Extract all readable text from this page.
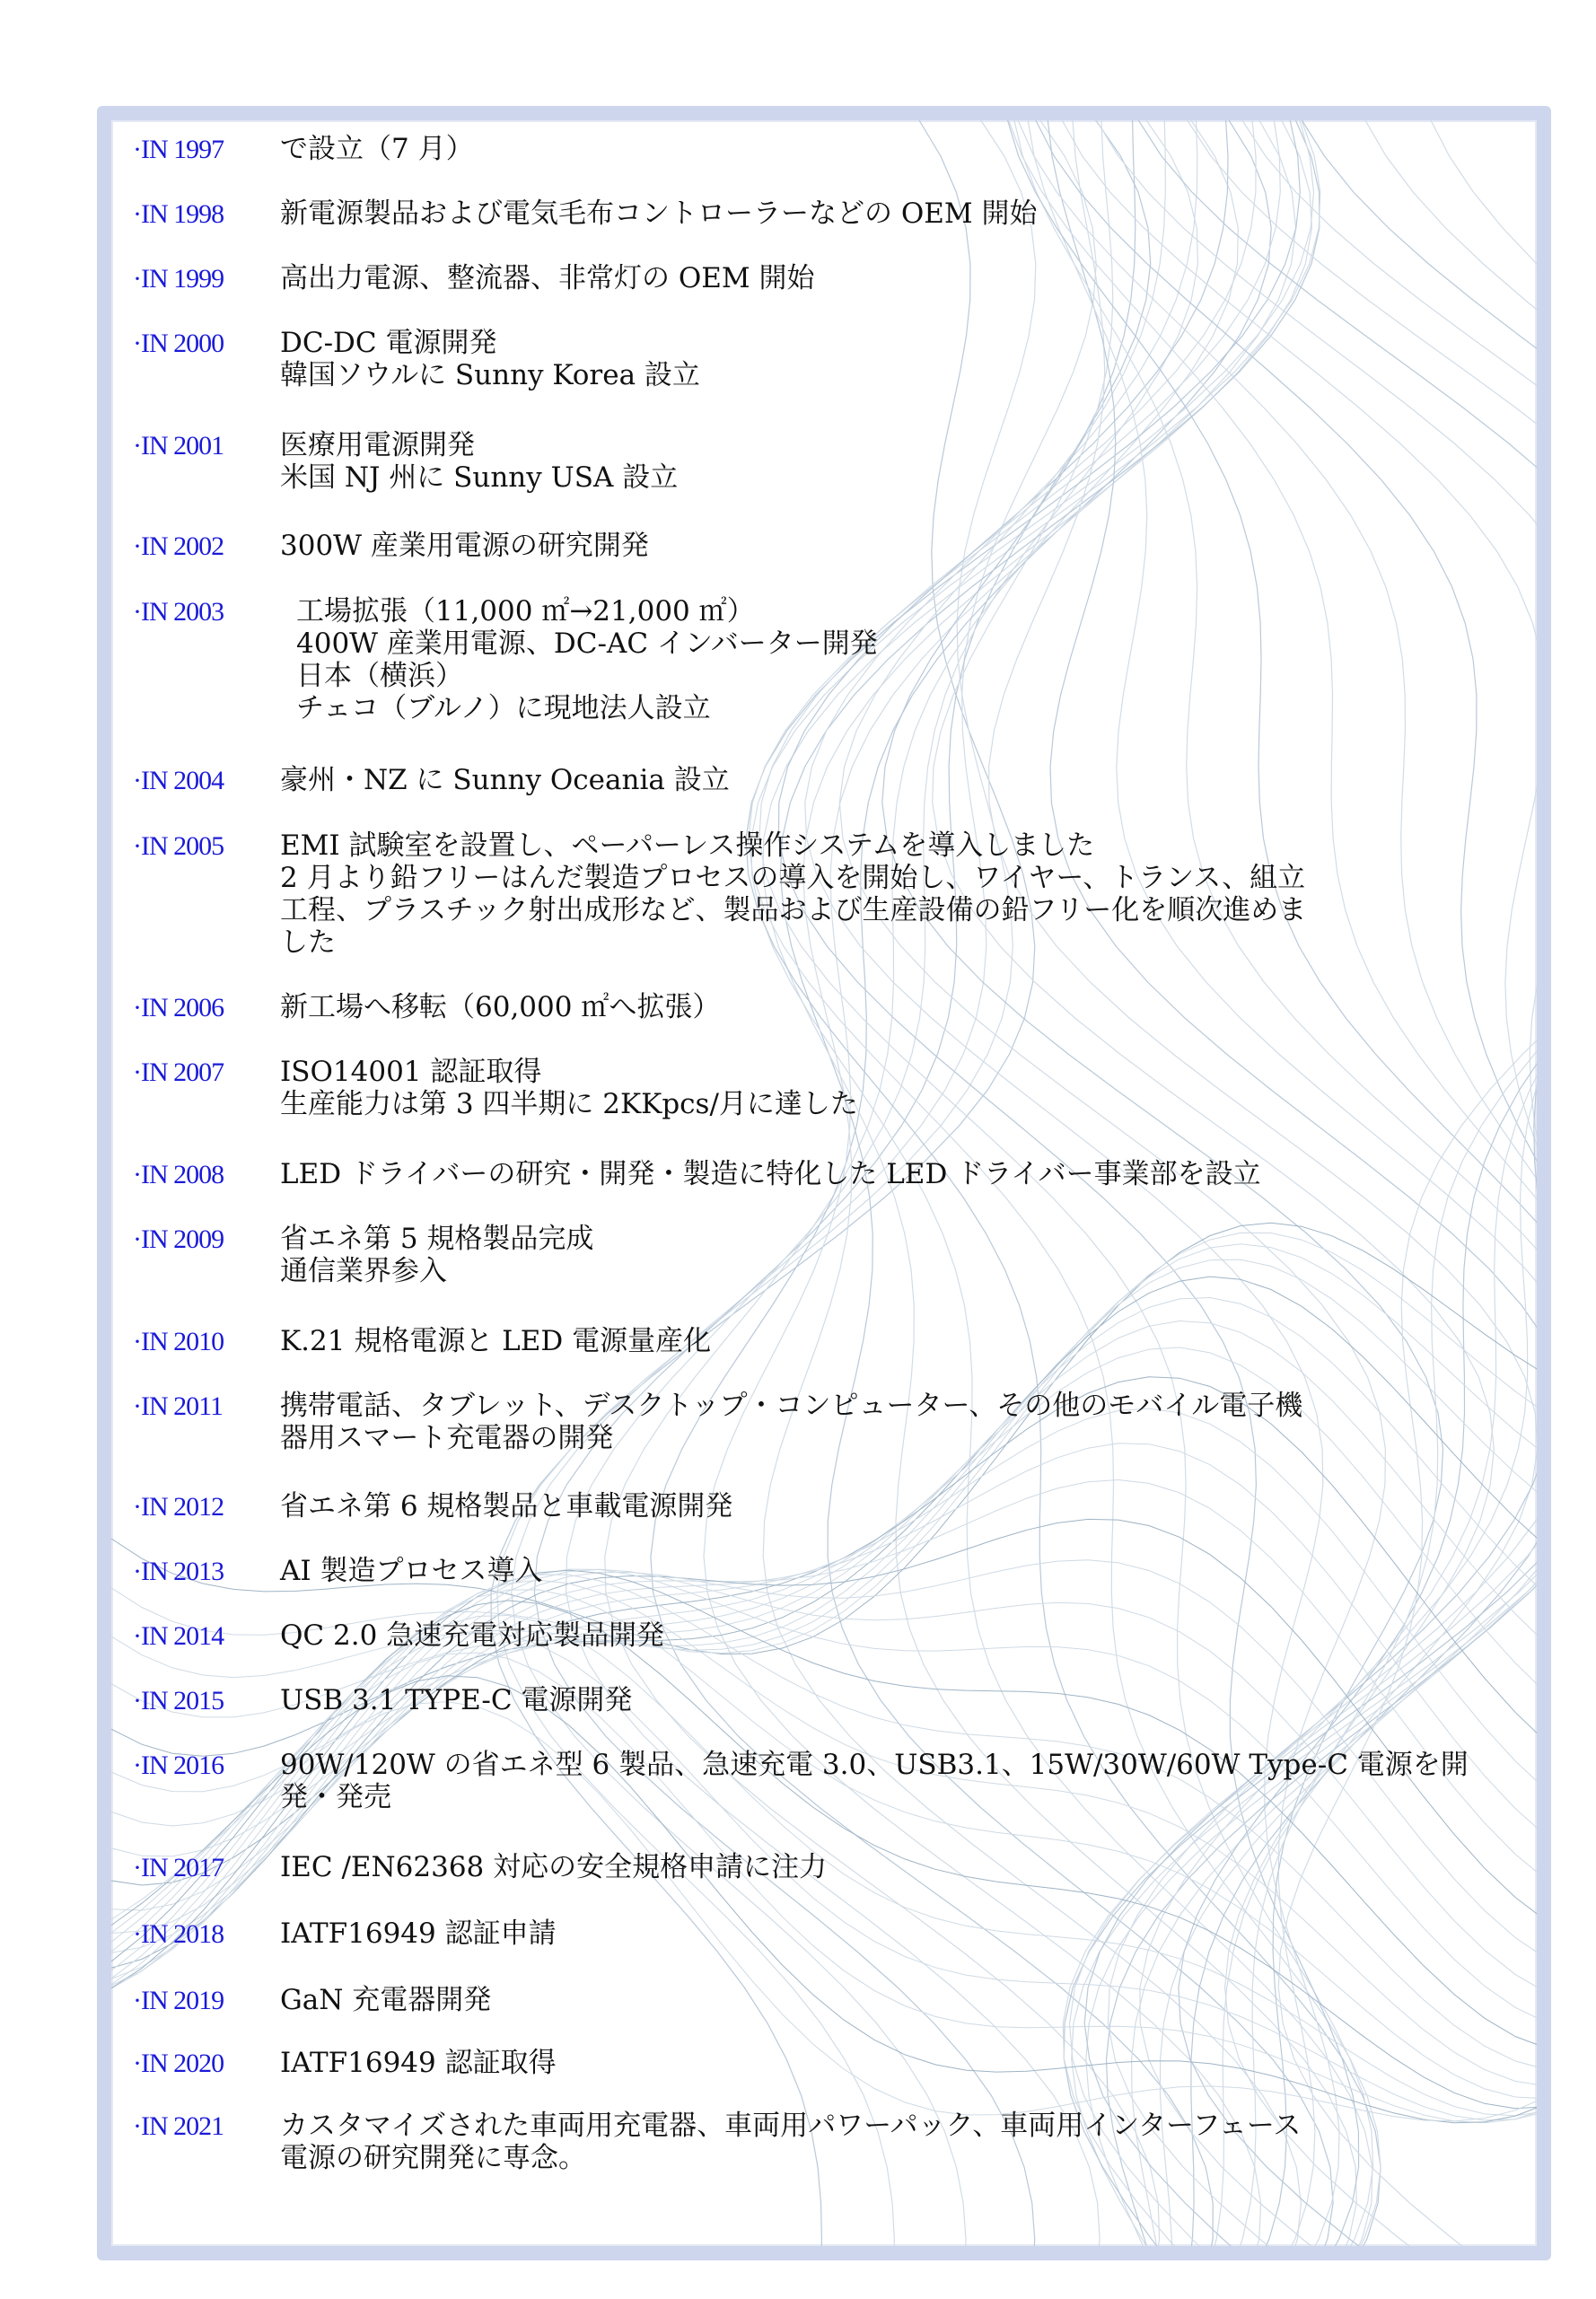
·IN 1997	で設立（7 月）
·IN 1998	新電源製品および電気毛布コントローラーなどの OEM 開始
·IN 1999	高出力電源、整流器、非常灯の OEM 開始
·IN 2000	DC-DC 電源開発
韓国ソウルに Sunny Korea 設立
·IN 2001	医療用電源開発
米国 NJ 州に Sunny USA 設立
·IN 2002	300W 産業用電源の研究開発
·IN 2003	工場拡張（11,000 ㎡→21,000 ㎡）
400W 産業用電源、DC-AC インバーター開発
日本（横浜）
チェコ（ブルノ）に現地法人設立
·IN 2004	豪州・NZ に Sunny Oceania 設立
·IN 2005	EMI 試験室を設置し、ペーパーレス操作システムを導入しました
2 月より鉛フリーはんだ製造プロセスの導入を開始し、ワイヤー、トランス、組立
工程、プラスチック射出成形など、製品および生産設備の鉛フリー化を順次進めま
した
·IN 2006	新工場へ移転（60,000 ㎡へ拡張）
·IN 2007	ISO14001 認証取得
生産能力は第 3 四半期に 2KKpcs/月に達した
·IN 2008	LED ドライバーの研究・開発・製造に特化した LED ドライバー事業部を設立
·IN 2009	省エネ第 5 規格製品完成
通信業界参入
·IN 2010	K.21 規格電源と LED 電源量産化
·IN 2011	携帯電話、タブレット、デスクトップ・コンピューター、その他のモバイル電子機
器用スマート充電器の開発
·IN 2012	省エネ第 6 規格製品と車載電源開発
·IN 2013	AI 製造プロセス導入
·IN 2014	QC 2.0 急速充電対応製品開発
·IN 2015	USB 3.1 TYPE-C 電源開発
·IN 2016	90W/120W の省エネ型 6 製品、急速充電 3.0、USB3.1、15W/30W/60W Type-C 電源を開
発・発売
·IN 2017	IEC /EN62368 対応の安全規格申請に注力
·IN 2018	IATF16949 認証申請
·IN 2019	GaN 充電器開発
·IN 2020	IATF16949 認証取得
·IN 2021	カスタマイズされた車両用充電器、車両用パワーパック、車両用インターフェース
電源の研究開発に専念。
